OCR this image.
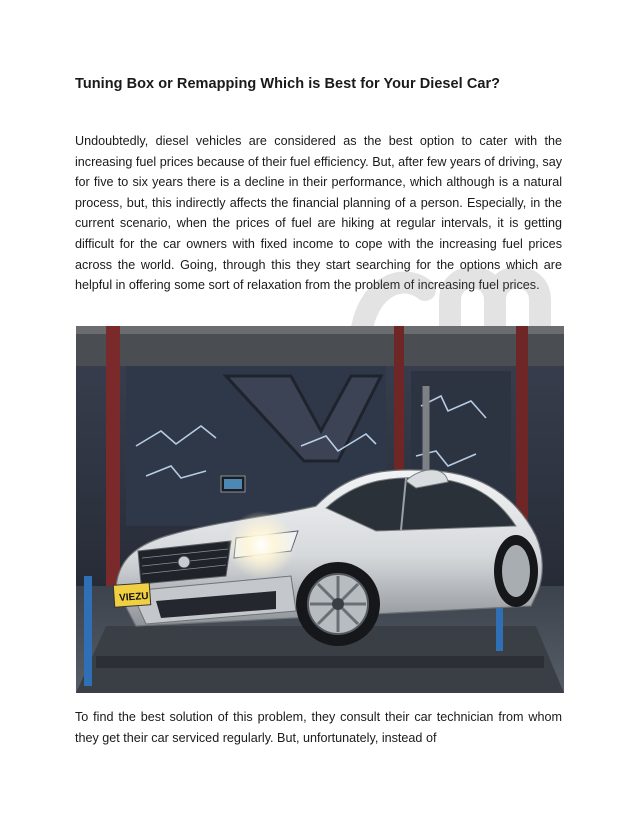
Tuning Box or Remapping Which is Best for Your Diesel Car?
Undoubtedly, diesel vehicles are considered as the best option to cater with the increasing fuel prices because of their fuel efficiency. But, after few years of driving, say for five to six years there is a decline in their performance, which although is a natural process, but, this indirectly affects the financial planning of a person. Especially, in the current scenario, when the prices of fuel are hiking at regular intervals, it is getting difficult for the car owners with fixed income to cope with the increasing fuel prices across the world. Going, through this they start searching for the options which are helpful in offering some sort of relaxation from the problem of increasing fuel prices.
VIEZU
To find the best solution of this problem, they consult their car technician from whom they get their car serviced regularly. But, unfortunately, instead of
